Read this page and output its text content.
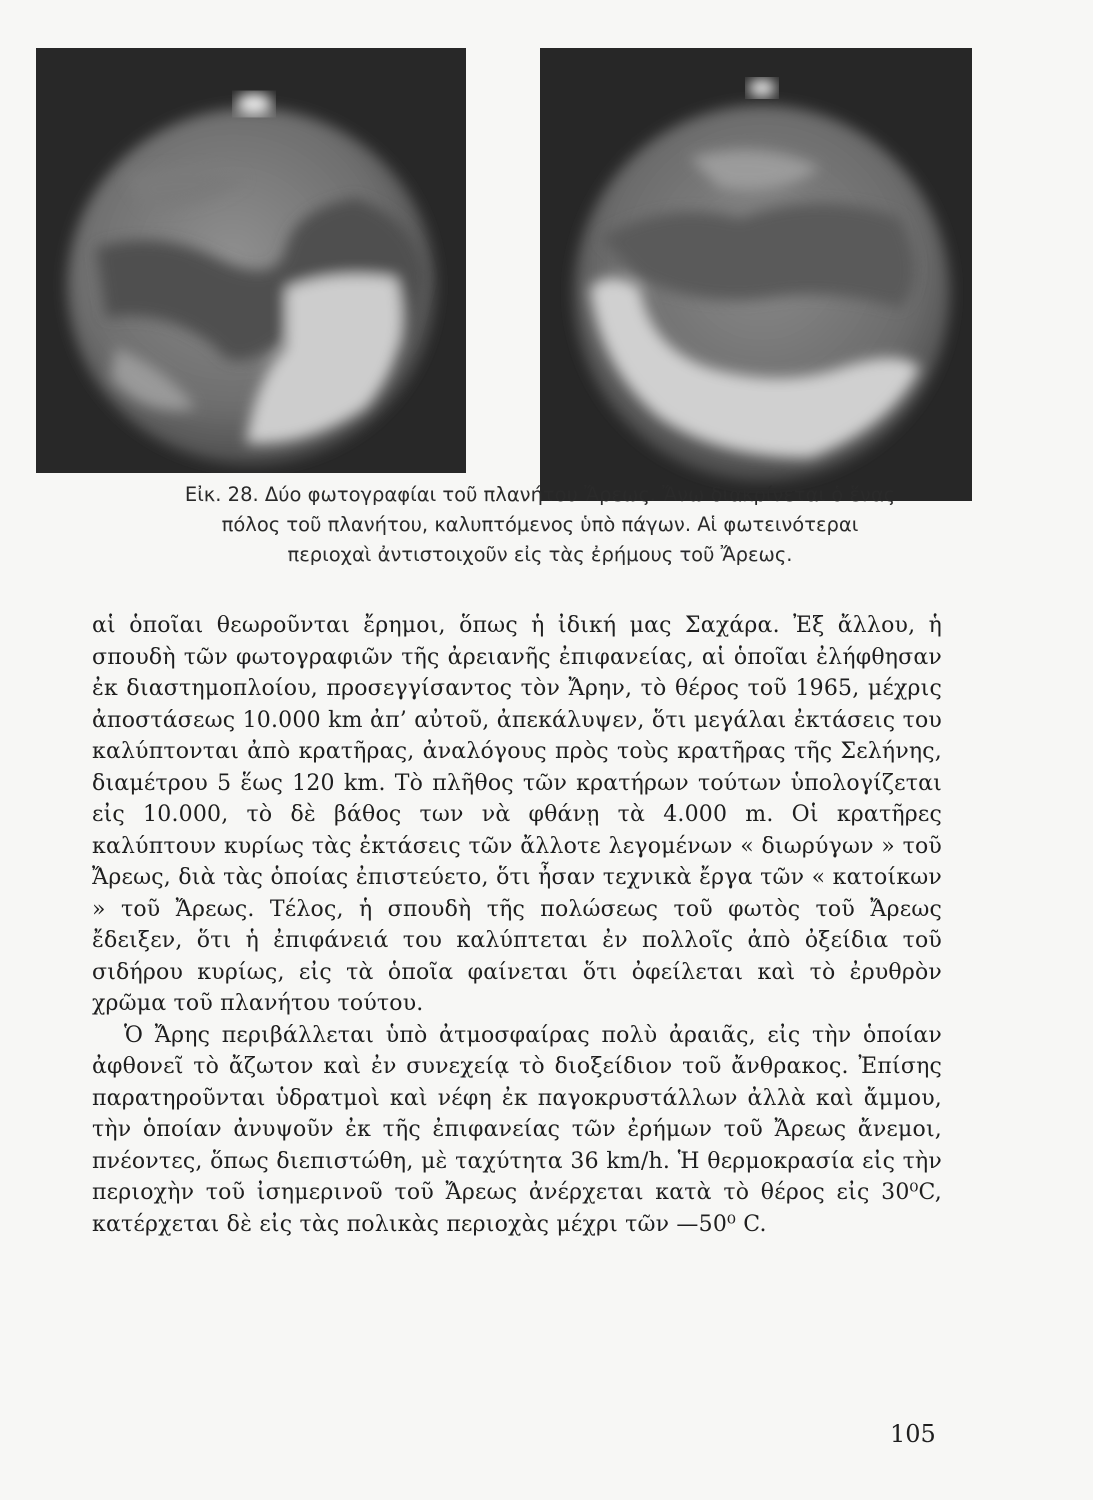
Εἰκ. 28. Δύο φωτογραφίαι τοῦ πλανήτου Ἄρεως. Ἄνω διακρίνεται ὁ ἕνας
πόλος τοῦ πλανήτου, καλυπτόμενος ὑπὸ πάγων. Αἱ φωτεινότεραι
περιοχαὶ ἀντιστοιχοῦν εἰς τὰς ἐρήμους τοῦ Ἄρεως.

αἱ ὁποῖαι θεωροῦνται ἔρημοι, ὅπως ἡ ἰδική μας Σαχάρα. Ἐξ ἄλλου, ἡ σπουδὴ τῶν φωτογραφιῶν τῆς ἀρειανῆς ἐπιφανείας, αἱ ὁποῖαι ἐλήφθησαν ἐκ διαστημοπλοίου, προσεγγίσαντος τὸν Ἄρην, τὸ θέρος τοῦ 1965, μέχρις ἀποστάσεως 10.000 km ἀπ’ αὐτοῦ, ἀπεκάλυψεν, ὅτι μεγάλαι ἐκτάσεις του καλύπτονται ἀπὸ κρατῆρας, ἀναλόγους πρὸς τοὺς κρατῆρας τῆς Σελήνης, διαμέτρου 5 ἕως 120 km. Τὸ πλῆθος τῶν κρατήρων τούτων ὑπολογίζεται εἰς 10.000, τὸ δὲ βάθος των νὰ φθάνῃ τὰ 4.000 m. Οἱ κρατῆρες καλύπτουν κυρίως τὰς ἐκτάσεις τῶν ἄλλοτε λεγομένων « διωρύγων » τοῦ Ἄρεως, διὰ τὰς ὁποίας ἐπιστεύετο, ὅτι ἦσαν τεχνικὰ ἔργα τῶν « κατοίκων » τοῦ Ἄρεως. Τέλος, ἡ σπουδὴ τῆς πολώσεως τοῦ φωτὸς τοῦ Ἄρεως ἔδειξεν, ὅτι ἡ ἐπιφάνειά του καλύπτεται ἐν πολλοῖς ἀπὸ ὀξείδια τοῦ σιδήρου κυρίως, εἰς τὰ ὁποῖα φαίνεται ὅτι ὀφείλεται καὶ τὸ ἐρυθρὸν χρῶμα τοῦ πλανήτου τούτου.

Ὁ Ἄρης περιβάλλεται ὑπὸ ἀτμοσφαίρας πολὺ ἀραιᾶς, εἰς τὴν ὁποίαν ἀφθονεῖ τὸ ἄζωτον καὶ ἐν συνεχείᾳ τὸ διοξείδιον τοῦ ἄνθρακος. Ἐπίσης παρατηροῦνται ὑδρατμοὶ καὶ νέφη ἐκ παγοκρυστάλλων ἀλλὰ καὶ ἄμμου, τὴν ὁποίαν ἀνυψοῦν ἐκ τῆς ἐπιφανείας τῶν ἐρήμων τοῦ Ἄρεως ἄνεμοι, πνέοντες, ὅπως διεπιστώθη, μὲ ταχύτητα 36 km/h. Ἡ θερμοκρασία εἰς τὴν περιοχὴν τοῦ ἰσημερινοῦ τοῦ Ἄρεως ἀνέρχεται κατὰ τὸ θέρος εἰς 30⁰C, κατέρχεται δὲ εἰς τὰς πολικὰς περιοχὰς μέχρι τῶν —50⁰ C.

105
